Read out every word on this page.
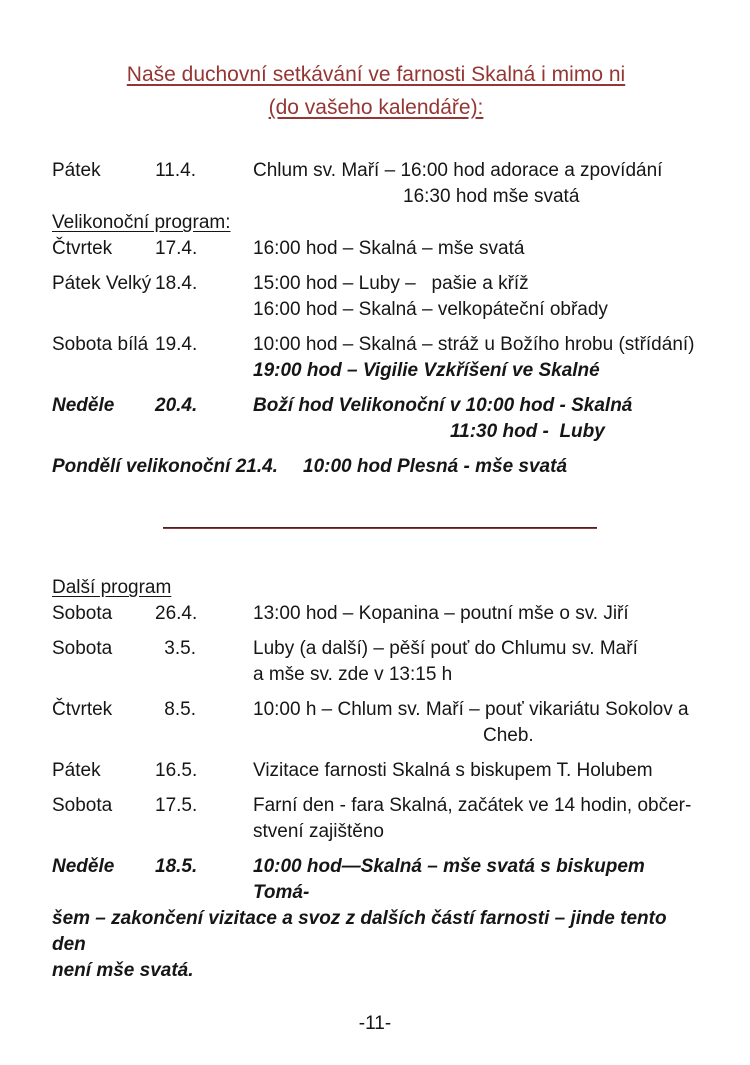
Naše duchovní setkávání ve farnosti Skalná i mimo ni
(do vašeho kalendáře):
Pátek	11.4.	Chlum sv. Maří – 16:00 hod adorace a zpovídání
16:30 hod mše svatá
Velikonoční program:
Čtvrtek	17.4.	16:00 hod – Skalná – mše svatá
Pátek Velký 18.4.	15:00 hod – Luby –   pašie a kříž
16:00 hod – Skalná – velkopáteční obřady
Sobota bílá 19.4.	10:00 hod – Skalná – stráž u Božího hrobu (střídání)
19:00 hod – Vigilie Vzkříšení ve Skalné
Neděle	20.4.	Boží hod Velikonoční v 10:00 hod - Skalná
11:30 hod -  Luby
Pondělí velikonoční 21.4.	10:00 hod Plesná - mše svatá
Další program
Sobota	26.4.	13:00 hod – Kopanina – poutní mše o sv. Jiří
Sobota	3.5.	Luby (a další) – pěší pouť do Chlumu sv. Maří
a mše sv. zde v 13:15 h
Čtvrtek	8.5.	10:00 h – Chlum sv. Maří – pouť vikariátu Sokolov a
Cheb.
Pátek	16.5.	Vizitace farnosti Skalná s biskupem T. Holubem
Sobota	17.5.	Farní den - fara Skalná, začátek ve 14 hodin, občer-
stvení zajištěno
Neděle	18.5.	10:00 hod—Skalná – mše svatá s biskupem Tomá-
šem – zakončení vizitace a svoz z dalších částí farnosti – jinde tento den
není mše svatá.
-11-
